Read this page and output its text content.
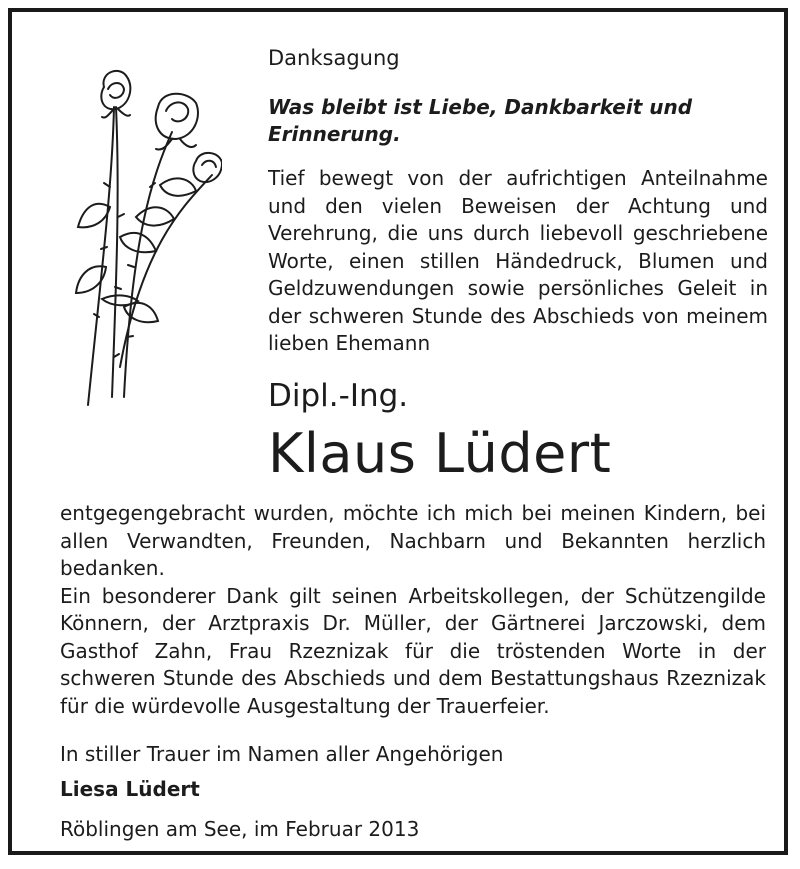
Danksagung

Was bleibt ist Liebe, Dankbarkeit und Erinnerung.

Tief bewegt von der aufrichtigen Anteilnahme und den vielen Beweisen der Achtung und Verehrung, die uns durch liebevoll geschriebene Worte, einen stillen Händedruck, Blumen und Geldzuwendungen sowie persönliches Geleit in der schweren Stunde des Abschieds von meinem lieben Ehemann

Dipl.-Ing.

Klaus Lüdert

entgegengebracht wurden, möchte ich mich bei meinen Kindern, bei allen Verwandten, Freunden, Nachbarn und Bekannten herzlich bedanken.

Ein besonderer Dank gilt seinen Arbeitskollegen, der Schützengilde Könnern, der Arztpraxis Dr. Müller, der Gärtnerei Jarczowski, dem Gasthof Zahn, Frau Rzeznizak für die tröstenden Worte in der schweren Stunde des Abschieds und dem Bestattungshaus Rzeznizak für die würdevolle Ausgestaltung der Trauerfeier.

In stiller Trauer im Namen aller Angehörigen

Liesa Lüdert

Röblingen am See, im Februar 2013
